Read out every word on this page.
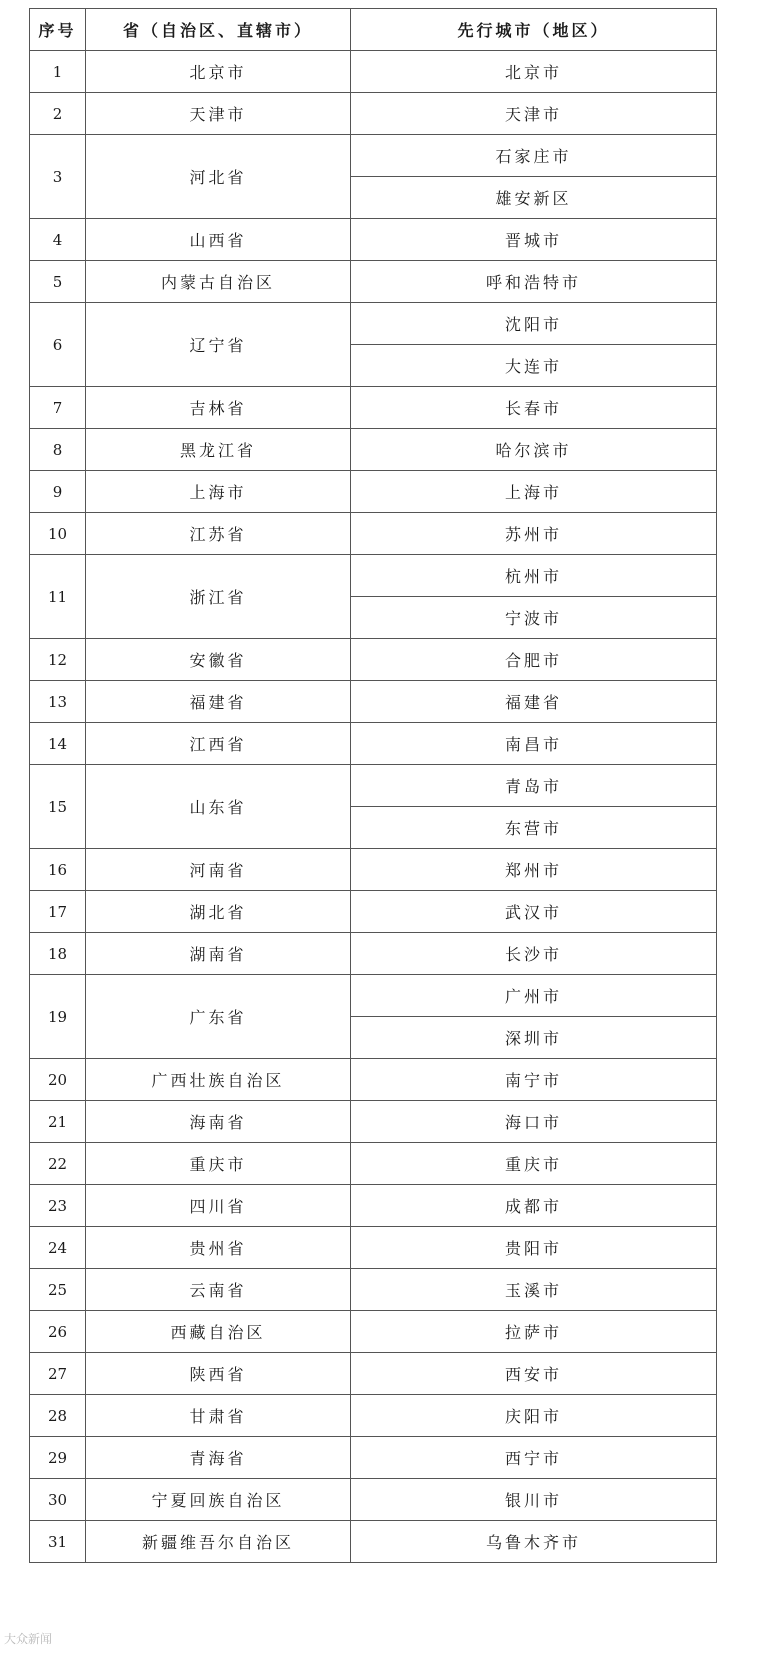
序号	省（自治区、直辖市）	先行城市（地区）
1	北京市	北京市
2	天津市	天津市
3	河北省	石家庄市
		雄安新区
4	山西省	晋城市
5	内蒙古自治区	呼和浩特市
6	辽宁省	沈阳市
		大连市
7	吉林省	长春市
8	黑龙江省	哈尔滨市
9	上海市	上海市
10	江苏省	苏州市
11	浙江省	杭州市
		宁波市
12	安徽省	合肥市
13	福建省	福建省
14	江西省	南昌市
15	山东省	青岛市
		东营市
16	河南省	郑州市
17	湖北省	武汉市
18	湖南省	长沙市
19	广东省	广州市
		深圳市
20	广西壮族自治区	南宁市
21	海南省	海口市
22	重庆市	重庆市
23	四川省	成都市
24	贵州省	贵阳市
25	云南省	玉溪市
26	西藏自治区	拉萨市
27	陕西省	西安市
28	甘肃省	庆阳市
29	青海省	西宁市
30	宁夏回族自治区	银川市
31	新疆维吾尔自治区	乌鲁木齐市
大众新闻
